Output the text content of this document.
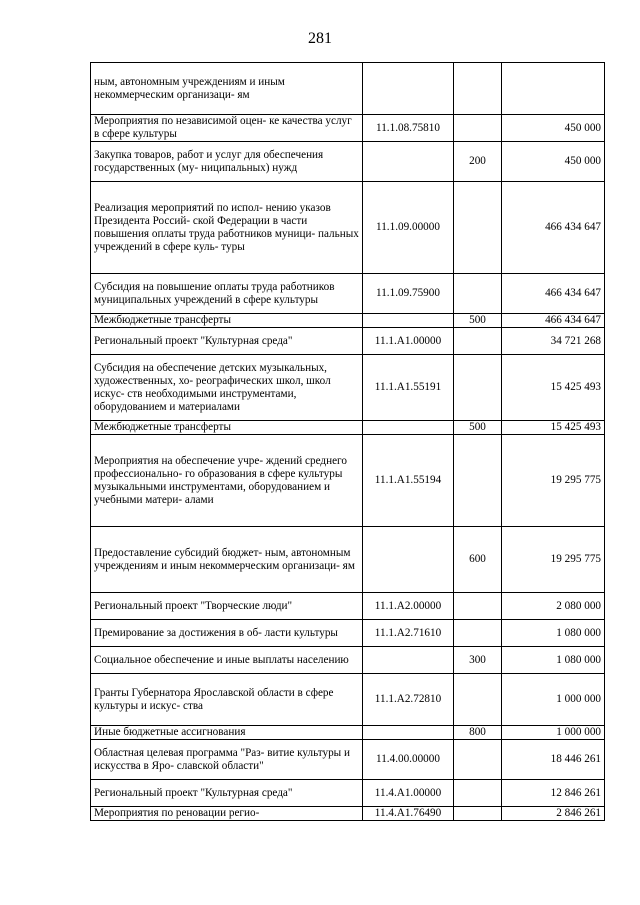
281
ным, автономным учреждениям и иным некоммерческим организаци- ям			
Мероприятия по независимой оцен- ке качества услуг в сфере культуры	11.1.08.75810		450 000
Закупка товаров, работ и услуг для обеспечения государственных (му- ниципальных) нужд		200	450 000
Реализация мероприятий по испол- нению указов Президента Россий- ской Федерации в части повышения оплаты труда работников муници- пальных учреждений в сфере куль- туры	11.1.09.00000		466 434 647
Субсидия на повышение оплаты труда работников муниципальных учреждений в сфере культуры	11.1.09.75900		466 434 647
Межбюджетные трансферты		500	466 434 647
Региональный проект "Культурная среда"	11.1.A1.00000		34 721 268
Субсидия на обеспечение детских музыкальных, художественных, хо- реографических школ, школ искус- ств необходимыми инструментами, оборудованием и материалами	11.1.A1.55191		15 425 493
Межбюджетные трансферты		500	15 425 493
Мероприятия на обеспечение учре- ждений среднего профессионально- го образования в сфере культуры музыкальными инструментами, оборудованием и учебными матери- алами	11.1.A1.55194		19 295 775
Предоставление субсидий бюджет- ным, автономным учреждениям и иным некоммерческим организаци- ям		600	19 295 775
Региональный проект "Творческие люди"	11.1.A2.00000		2 080 000
Премирование за достижения в об- ласти культуры	11.1.A2.71610		1 080 000
Социальное обеспечение и иные выплаты населению		300	1 080 000
Гранты Губернатора Ярославской области в сфере культуры и искус- ства	11.1.A2.72810		1 000 000
Иные бюджетные ассигнования		800	1 000 000
Областная целевая программа "Раз- витие культуры и искусства в Яро- славской области"	11.4.00.00000		18 446 261
Региональный проект "Культурная среда"	11.4.A1.00000		12 846 261
Мероприятия по реновации регио-	11.4.A1.76490		2 846 261
